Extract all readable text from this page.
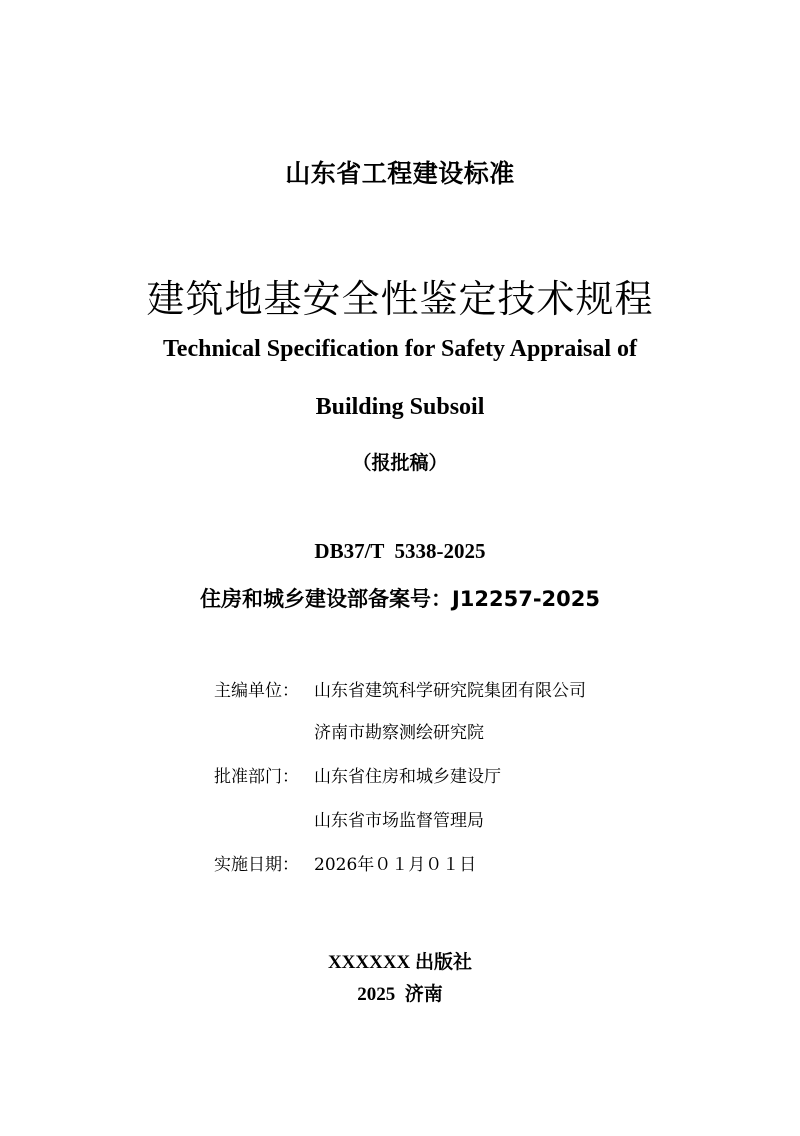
山东省工程建设标准
建筑地基安全性鉴定技术规程
Technical Specification for Safety Appraisal of
Building Subsoil
（报批稿）
DB37/T  5338-2025
住房和城乡建设部备案号：J12257-2025
主编单位： 山东省建筑科学研究院集团有限公司
济南市勘察测绘研究院
批准部门： 山东省住房和城乡建设厅
山东省市场监督管理局
实施日期： 2026年０１月０１日
XXXXXX 出版社
2025  济南
